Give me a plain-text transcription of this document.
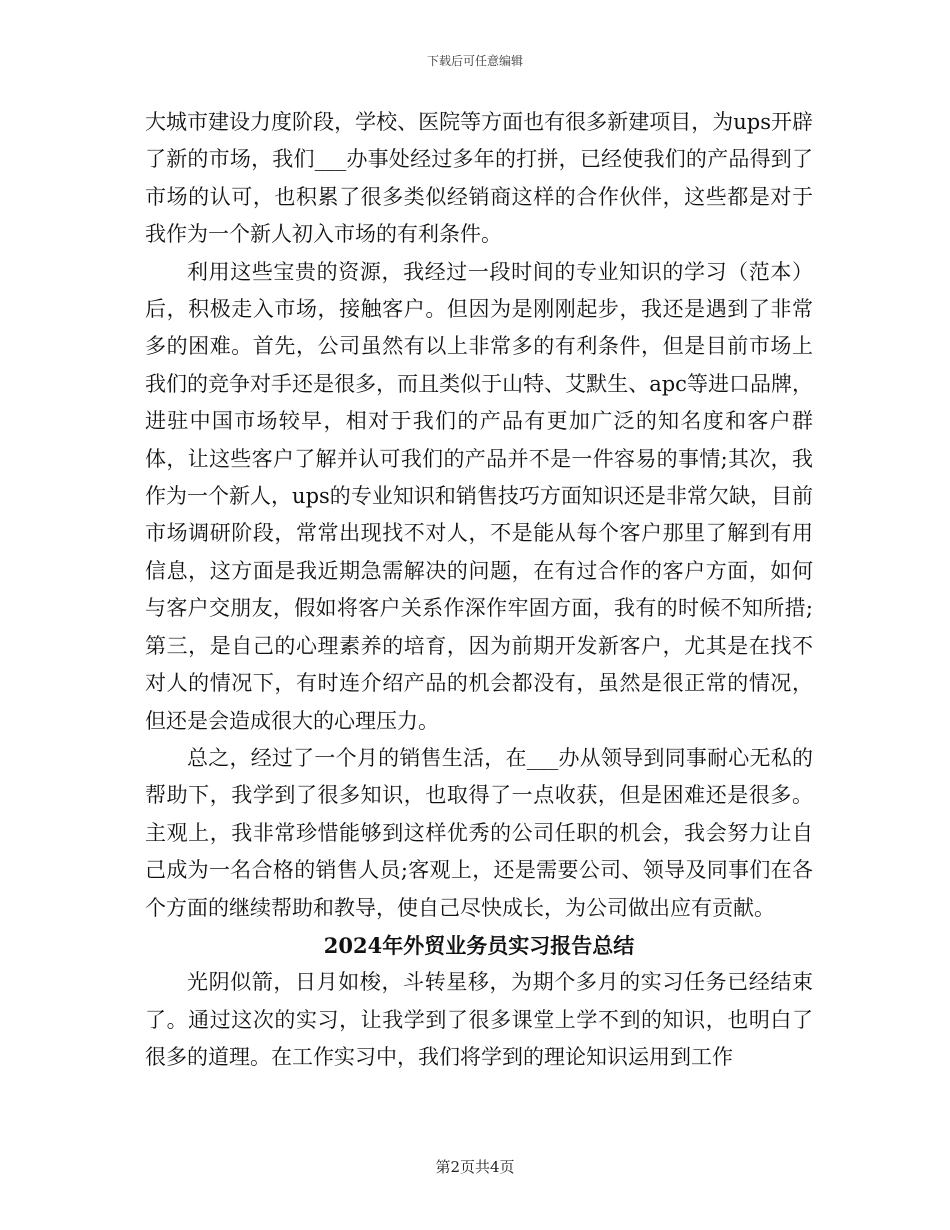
下载后可任意编辑

大城市建设力度阶段，学校、医院等方面也有很多新建项目，为ups开辟了新的市场，我们___办事处经过多年的打拼，已经使我们的产品得到了市场的认可，也积累了很多类似经销商这样的合作伙伴，这些都是对于我作为一个新人初入市场的有利条件。

利用这些宝贵的资源，我经过一段时间的专业知识的学习（范本）后，积极走入市场，接触客户。但因为是刚刚起步，我还是遇到了非常多的困难。首先，公司虽然有以上非常多的有利条件，但是目前市场上我们的竞争对手还是很多，而且类似于山特、艾默生、apc等进口品牌，进驻中国市场较早，相对于我们的产品有更加广泛的知名度和客户群体，让这些客户了解并认可我们的产品并不是一件容易的事情;其次，我作为一个新人，ups的专业知识和销售技巧方面知识还是非常欠缺，目前市场调研阶段，常常出现找不对人，不是能从每个客户那里了解到有用信息，这方面是我近期急需解决的问题，在有过合作的客户方面，如何与客户交朋友，假如将客户关系作深作牢固方面，我有的时候不知所措;第三，是自己的心理素养的培育，因为前期开发新客户，尤其是在找不对人的情况下，有时连介绍产品的机会都没有，虽然是很正常的情况，但还是会造成很大的心理压力。

总之，经过了一个月的销售生活，在___办从领导到同事耐心无私的帮助下，我学到了很多知识，也取得了一点收获，但是困难还是很多。主观上，我非常珍惜能够到这样优秀的公司任职的机会，我会努力让自己成为一名合格的销售人员;客观上，还是需要公司、领导及同事们在各个方面的继续帮助和教导，使自己尽快成长，为公司做出应有贡献。

2024年外贸业务员实习报告总结

光阴似箭，日月如梭，斗转星移，为期个多月的实习任务已经结束了。通过这次的实习，让我学到了很多课堂上学不到的知识，也明白了很多的道理。在工作实习中，我们将学到的理论知识运用到工作

第2页共4页
